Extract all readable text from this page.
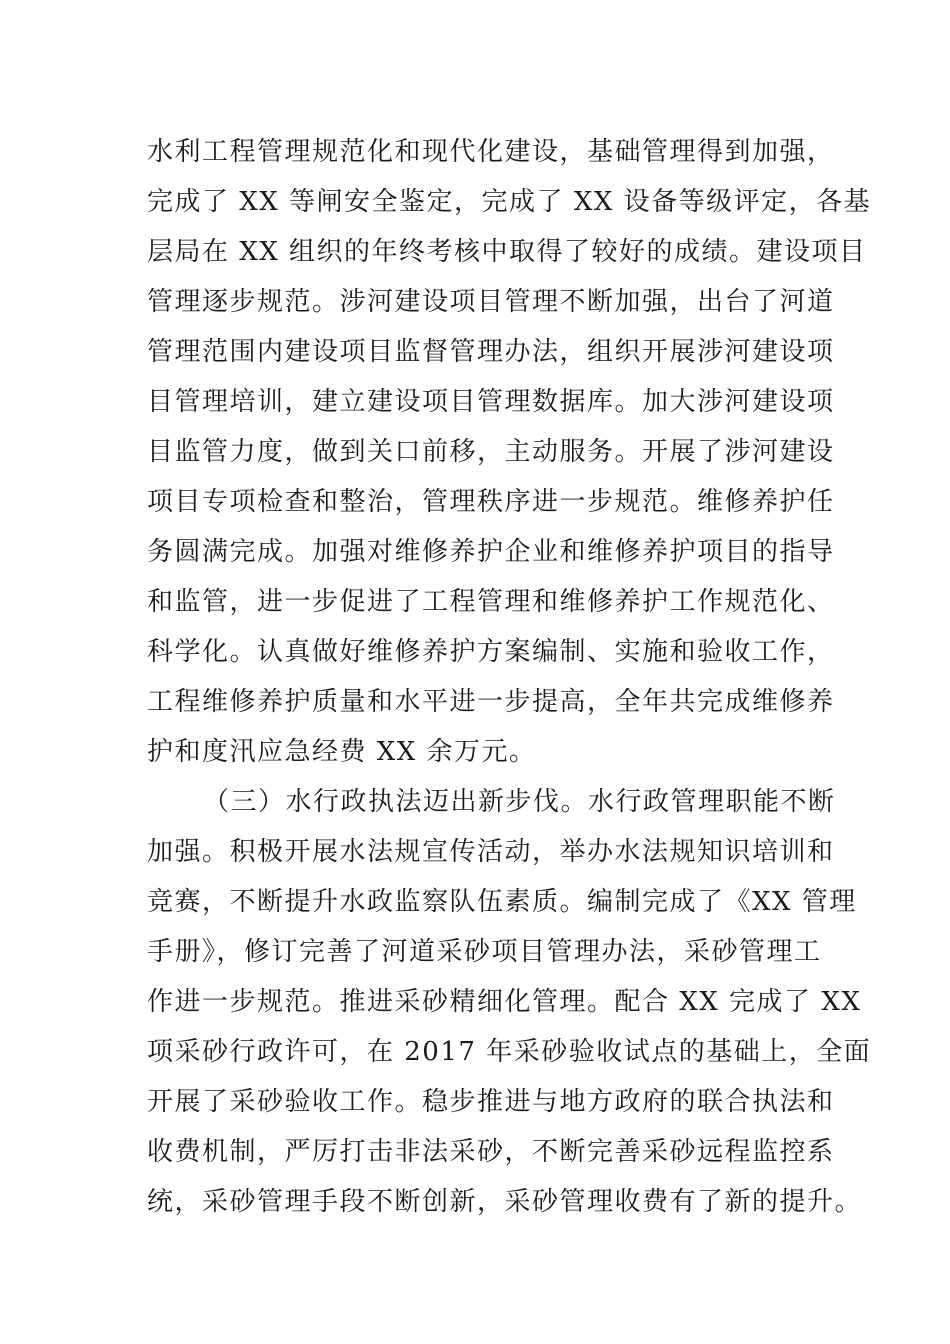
水利工程管理规范化和现代化建设，基础管理得到加强，
完成了 XX 等闸安全鉴定，完成了 XX 设备等级评定，各基
层局在 XX 组织的年终考核中取得了较好的成绩。建设项目
管理逐步规范。涉河建设项目管理不断加强，出台了河道
管理范围内建设项目监督管理办法，组织开展涉河建设项
目管理培训，建立建设项目管理数据库。加大涉河建设项
目监管力度，做到关口前移，主动服务。开展了涉河建设
项目专项检查和整治，管理秩序进一步规范。维修养护任
务圆满完成。加强对维修养护企业和维修养护项目的指导
和监管，进一步促进了工程管理和维修养护工作规范化、
科学化。认真做好维修养护方案编制、实施和验收工作，
工程维修养护质量和水平进一步提高，全年共完成维修养
护和度汛应急经费 XX 余万元。
（三）水行政执法迈出新步伐。水行政管理职能不断
加强。积极开展水法规宣传活动，举办水法规知识培训和
竞赛，不断提升水政监察队伍素质。编制完成了《XX 管理
手册》，修订完善了河道采砂项目管理办法，采砂管理工
作进一步规范。推进采砂精细化管理。配合 XX 完成了 XX
项采砂行政许可，在 2017 年采砂验收试点的基础上，全面
开展了采砂验收工作。稳步推进与地方政府的联合执法和
收费机制，严厉打击非法采砂，不断完善采砂远程监控系
统，采砂管理手段不断创新，采砂管理收费有了新的提升。
